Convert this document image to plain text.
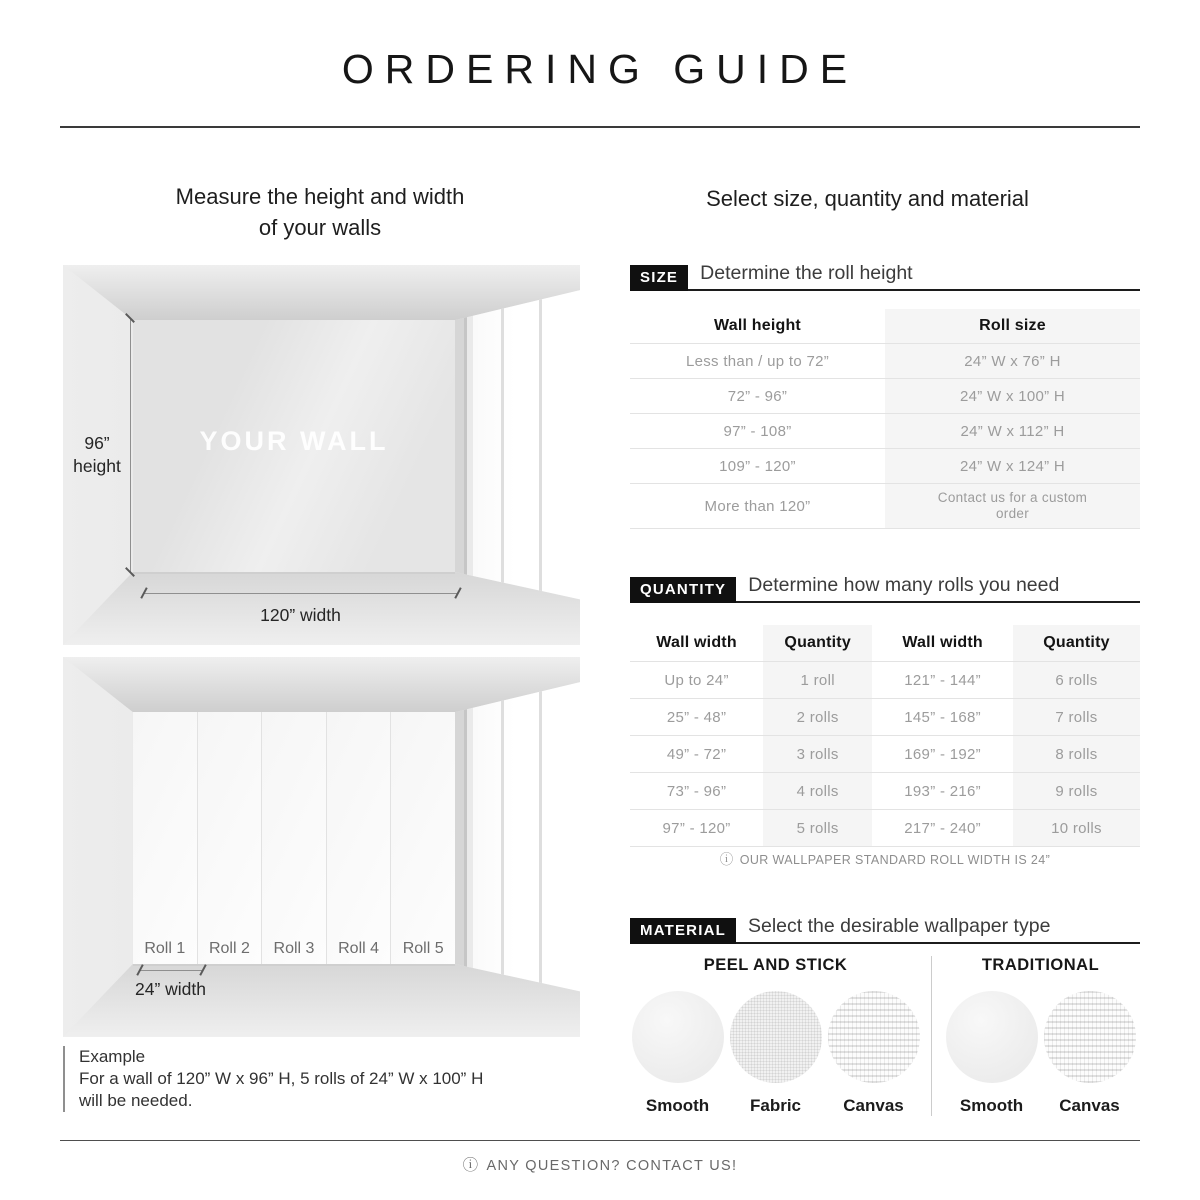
ORDERING GUIDE
Measure the height and width
of your walls
Select size, quantity and material
YOUR WALL
96”
height
120” width
Roll 1	Roll 2	Roll 3	Roll 4	Roll 5
24” width
Example
For a wall of 120” W x 96” H, 5 rolls of 24” W x 100” H
will be needed.
SIZE	Determine the roll height
Wall height	Roll size
Less than / up to 72”	24” W x 76” H
72” - 96”	24” W x 100” H
97” - 108”	24” W x 112” H
109” - 120”	24” W x 124” H
More than 120”	Contact us for a custom order
QUANTITY	Determine how many rolls you need
Wall width	Quantity	Wall width	Quantity
Up to 24”	1 roll	121” - 144”	6 rolls
25” - 48”	2 rolls	145” - 168”	7 rolls
49” - 72”	3 rolls	169” - 192”	8 rolls
73” - 96”	4 rolls	193” - 216”	9 rolls
97” - 120”	5 rolls	217” - 240”	10 rolls
ⓘ OUR WALLPAPER STANDARD ROLL WIDTH IS 24”
MATERIAL	Select the desirable wallpaper type
PEEL AND STICK
Smooth Fabric Canvas
TRADITIONAL
Smooth Canvas
ⓘ ANY QUESTION? CONTACT US!
